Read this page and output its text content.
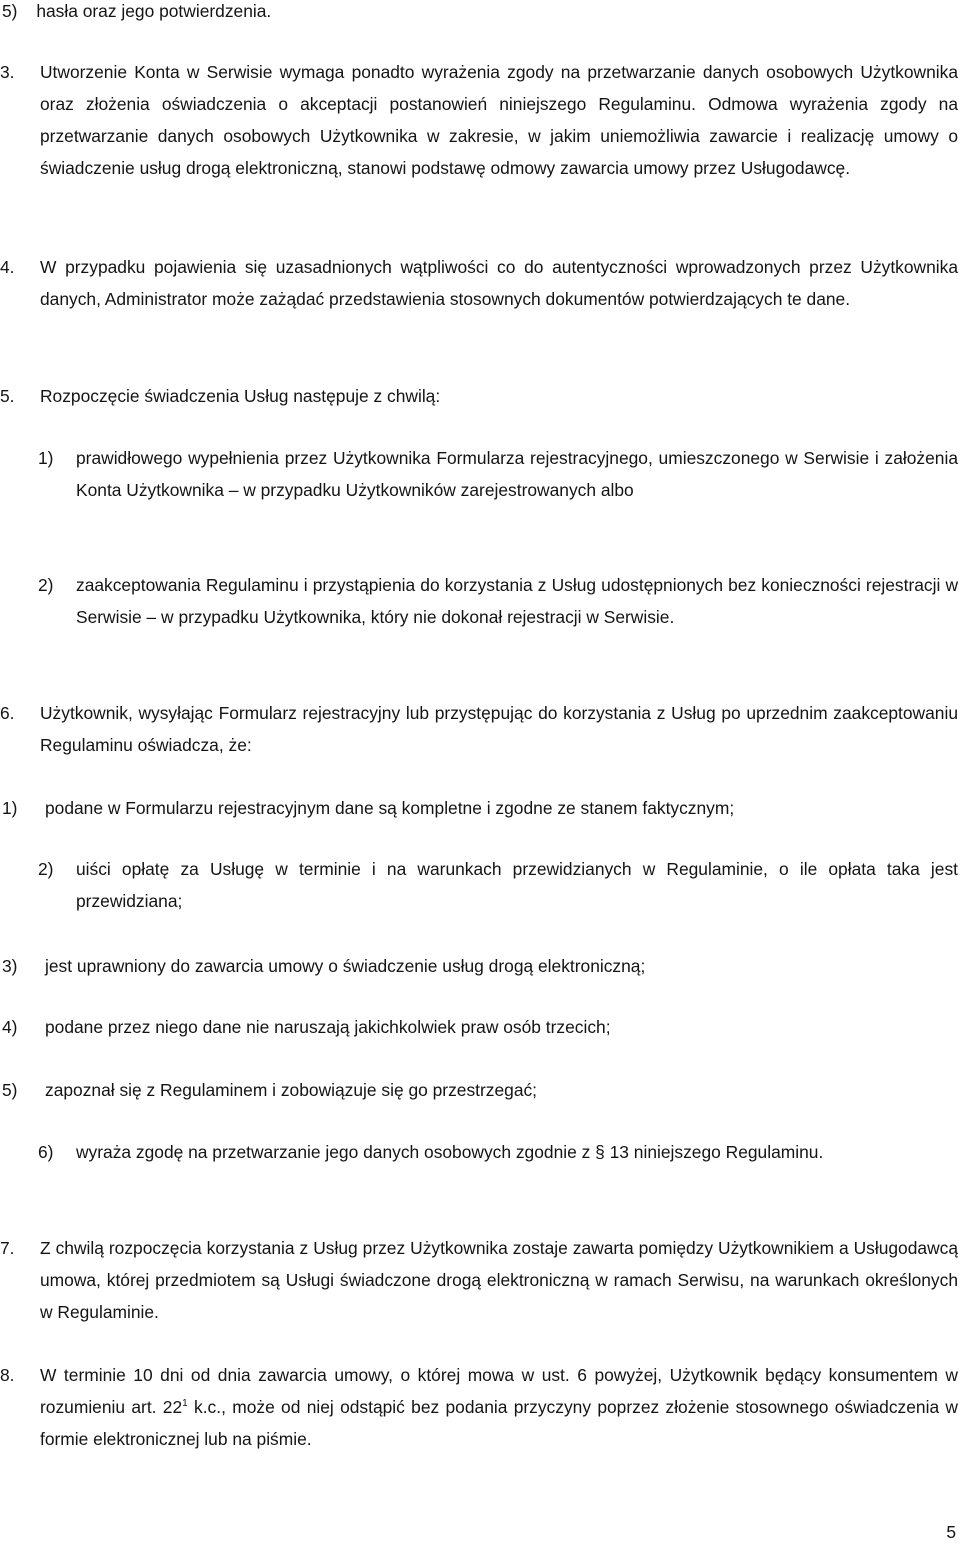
5) hasła oraz jego potwierdzenia.
3. Utworzenie Konta w Serwisie wymaga ponadto wyrażenia zgody na przetwarzanie danych osobowych Użytkownika oraz złożenia oświadczenia o akceptacji postanowień niniejszego Regulaminu. Odmowa wyrażenia zgody na przetwarzanie danych osobowych Użytkownika w zakresie, w jakim uniemożliwia zawarcie i realizację umowy o świadczenie usług drogą elektroniczną, stanowi podstawę odmowy zawarcia umowy przez Usługodawcę.
4. W przypadku pojawienia się uzasadnionych wątpliwości co do autentyczności wprowadzonych przez Użytkownika danych, Administrator może zażądać przedstawienia stosownych dokumentów potwierdzających te dane.
5. Rozpoczęcie świadczenia Usług następuje z chwilą:
1) prawidłowego wypełnienia przez Użytkownika Formularza rejestracyjnego, umieszczonego w Serwisie i założenia Konta Użytkownika – w przypadku Użytkowników zarejestrowanych albo
2) zaakceptowania Regulaminu i przystąpienia do korzystania z Usług udostępnionych bez konieczności rejestracji w Serwisie – w przypadku Użytkownika, który nie dokonał rejestracji w Serwisie.
6. Użytkownik, wysyłając Formularz rejestracyjny lub przystępując do korzystania z Usług po uprzednim zaakceptowaniu Regulaminu oświadcza, że:
1) podane w Formularzu rejestracyjnym dane są kompletne i zgodne ze stanem faktycznym;
2) uiści opłatę za Usługę w terminie i na warunkach przewidzianych w Regulaminie, o ile opłata taka jest przewidziana;
3) jest uprawniony do zawarcia umowy o świadczenie usług drogą elektroniczną;
4) podane przez niego dane nie naruszają jakichkolwiek praw osób trzecich;
5) zapoznał się z Regulaminem i zobowiązuje się go przestrzegać;
6) wyraża zgodę na przetwarzanie jego danych osobowych zgodnie z § 13 niniejszego Regulaminu.
7. Z chwilą rozpoczęcia korzystania z Usług przez Użytkownika zostaje zawarta pomiędzy Użytkownikiem a Usługodawcą umowa, której przedmiotem są Usługi świadczone drogą elektroniczną w ramach Serwisu, na warunkach określonych w Regulaminie.
8. W terminie 10 dni od dnia zawarcia umowy, o której mowa w ust. 6 powyżej, Użytkownik będący konsumentem w rozumieniu art. $22^1$ k.c., może od niej odstąpić bez podania przyczyny poprzez złożenie stosownego oświadczenia w formie elektronicznej lub na piśmie.
5
